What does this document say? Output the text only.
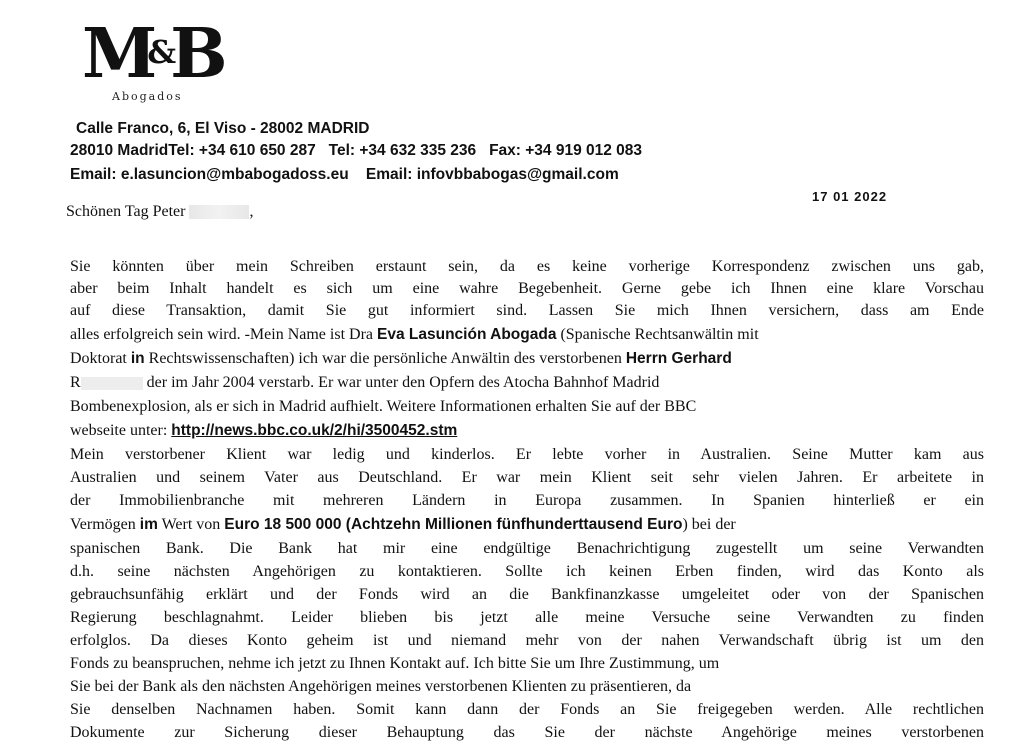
M&B
Abogados
Calle Franco, 6, El Viso - 28002 MADRID
28010 MadridTel: +34 610 650 287   Tel: +34 632 335 236   Fax: +34 919 012 083
Email: e.lasuncion@mbabogadoss.eu    Email: infovbbabogas@gmail.com
17 01 2022
Schönen Tag Peter	,
Sie könnten über mein Schreiben erstaunt sein, da es keine vorherige Korrespondenz zwischen uns gab,
aber beim Inhalt handelt es sich um eine wahre Begebenheit. Gerne gebe ich Ihnen eine klare Vorschau
auf diese Transaktion, damit Sie gut informiert sind. Lassen Sie mich Ihnen versichern, dass am Ende
alles erfolgreich sein wird. -Mein Name ist Dra Eva Lasunción Abogada (Spanische Rechtsanwältin mit
Doktorat in Rechtswissenschaften) ich war die persönliche Anwältin des verstorbenen Herrn Gerhard
R	der im Jahr 2004 verstarb. Er war unter den Opfern des Atocha Bahnhof Madrid
Bombenexplosion, als er sich in Madrid aufhielt. Weitere Informationen erhalten Sie auf der BBC
webseite unter: http://news.bbc.co.uk/2/hi/3500452.stm
Mein verstorbener Klient war ledig und kinderlos. Er lebte vorher in Australien. Seine Mutter kam aus
Australien und seinem Vater aus Deutschland. Er war mein Klient seit sehr vielen Jahren. Er arbeitete in
der Immobilienbranche mit mehreren Ländern in Europa zusammen. In Spanien hinterließ er ein
Vermögen im Wert von Euro 18 500 000 (Achtzehn Millionen fünfhunderttausend Euro) bei der
spanischen Bank. Die Bank hat mir eine endgültige Benachrichtigung zugestellt um seine Verwandten
d.h. seine nächsten Angehörigen zu kontaktieren. Sollte ich keinen Erben finden, wird das Konto als
gebrauchsunfähig erklärt und der Fonds wird an die Bankfinanzkasse umgeleitet oder von der Spanischen
Regierung beschlagnahmt. Leider blieben bis jetzt alle meine Versuche seine Verwandten zu finden
erfolglos. Da dieses Konto geheim ist und niemand mehr von der nahen Verwandschaft übrig ist um den
Fonds zu beanspruchen, nehme ich jetzt zu Ihnen Kontakt auf. Ich bitte Sie um Ihre Zustimmung, um
Sie bei der Bank als den nächsten Angehörigen meines verstorbenen Klienten zu präsentieren, da
Sie denselben Nachnamen haben. Somit kann dann der Fonds an Sie freigegeben werden. Alle rechtlichen
Dokumente zur Sicherung dieser Behauptung das Sie der nächste Angehörige meines verstorbenen
